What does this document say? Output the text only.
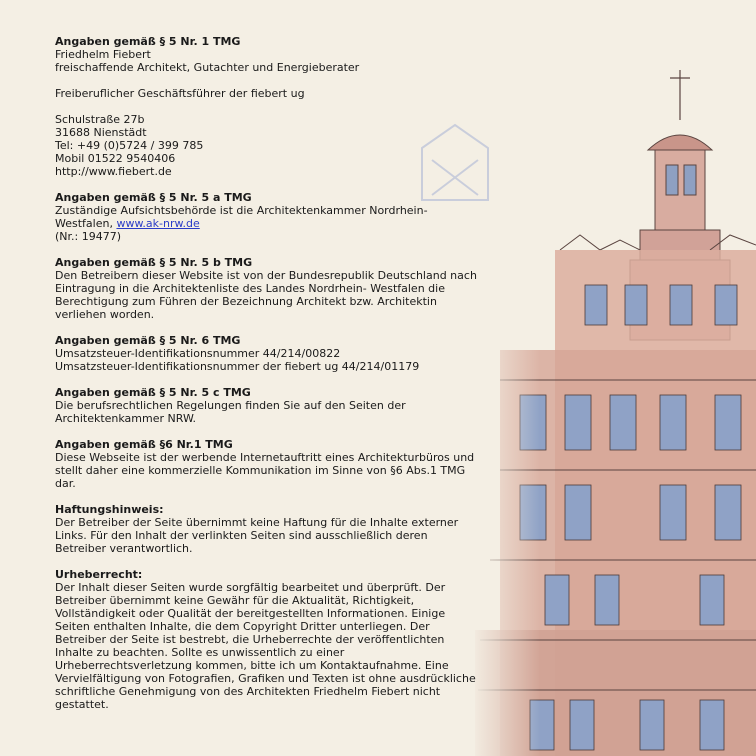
Angaben gemäß § 5 Nr. 1 TMG
Friedhelm Fiebert
freischaffende Architekt, Gutachter und Energieberater
Freiberuflicher Geschäftsführer der fiebert ug
Schulstraße 27b
31688 Nienstädt
Tel: +49 (0)5724 / 399 785
Mobil 01522 9540406
http://www.fiebert.de
Angaben gemäß § 5 Nr. 5 a TMG
Zuständige Aufsichtsbehörde ist die Architektenkammer Nordrhein-
Westfalen, www.ak-nrw.de
(Nr.: 19477)
Angaben gemäß § 5 Nr. 5 b TMG
Den Betreibern dieser Website ist von der Bundesrepublik Deutschland nach
Eintragung in die Architektenliste des Landes Nordrhein- Westfalen die
Berechtigung zum Führen der Bezeichnung Architekt bzw. Architektin
verliehen worden.
Angaben gemäß § 5 Nr. 6 TMG
Umsatzsteuer-Identifikationsnummer 44/214/00822
Umsatzsteuer-Identifikationsnummer der fiebert ug 44/214/01179
Angaben gemäß § 5 Nr. 5 c TMG
Die berufsrechtlichen Regelungen finden Sie auf den Seiten der
Architektenkammer NRW.
Angaben gemäß §6 Nr.1 TMG
Diese Webseite ist der werbende Internetauftritt eines Architekturbüros und
stellt daher eine kommerzielle Kommunikation im Sinne von §6 Abs.1 TMG
dar.
Haftungshinweis:
Der Betreiber der Seite übernimmt keine Haftung für die Inhalte externer
Links. Für den Inhalt der verlinkten Seiten sind ausschließlich deren
Betreiber verantwortlich.
Urheberrecht:
Der Inhalt dieser Seiten wurde sorgfältig bearbeitet und überprüft. Der
Betreiber übernimmt keine Gewähr für die Aktualität, Richtigkeit,
Vollständigkeit oder Qualität der bereitgestellten Informationen. Einige
Seiten enthalten Inhalte, die dem Copyright Dritter unterliegen. Der
Betreiber der Seite ist bestrebt, die Urheberrechte der veröffentlichten
Inhalte zu beachten. Sollte es unwissentlich zu einer
Urheberrechtsverletzung kommen, bitte ich um Kontaktaufnahme. Eine
Vervielfältigung von Fotografien, Grafiken und Texten ist ohne ausdrückliche
schriftliche Genehmigung von des Architekten Friedhelm Fiebert nicht
gestattet.
